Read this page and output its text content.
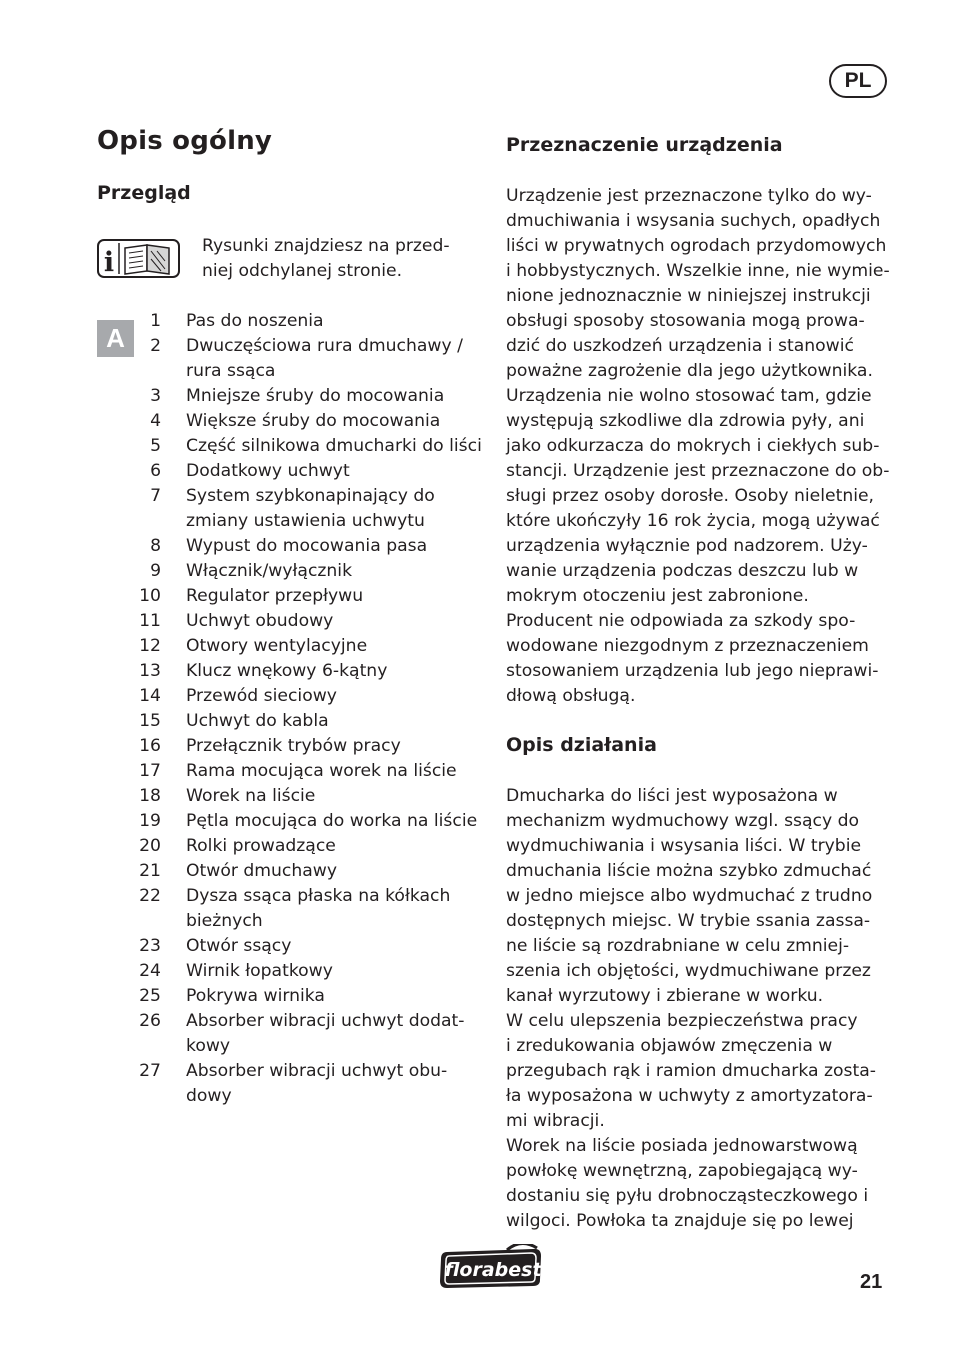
PL
Opis ogólny
Przegląd
i
Rysunki znajdziesz na przed-
niej odchylanej stronie.
A
1 Pas do noszenia
2 Dwuczęściowa rura dmuchawy / rura ssąca
3 Mniejsze śruby do mocowania
4 Większe śruby do mocowania
5 Część silnikowa dmucharki do liści
6 Dodatkowy uchwyt
7 System szybkonapinający do zmiany ustawienia uchwytu
8 Wypust do mocowania pasa
9 Włącznik/wyłącznik
10 Regulator przepływu
11 Uchwyt obudowy
12 Otwory wentylacyjne
13 Klucz wnękowy 6-kątny
14 Przewód sieciowy
15 Uchwyt do kabla
16 Przełącznik trybów pracy
17 Rama mocująca worek na liście
18 Worek na liście
19 Pętla mocująca do worka na liście
20 Rolki prowadzące
21 Otwór dmuchawy
22 Dysza ssąca płaska na kółkach bieżnych
23 Otwór ssący
24 Wirnik łopatkowy
25 Pokrywa wirnika
26 Absorber wibracji uchwyt dodat-kowy
27 Absorber wibracji uchwyt obu-dowy
Przeznaczenie urządzenia

Urządzenie jest przeznaczone tylko do wy-

dmuchiwania i wsysania suchych, opadłych

liści w prywatnych ogrodach przydomowych

i hobbystycznych. Wszelkie inne, nie wymie-

nione jednoznacznie w niniejszej instrukcji

obsługi sposoby stosowania mogą prowa-

dzić do uszkodzeń urządzenia i stanowić

poważne zagrożenie dla jego użytkownika.

Urządzenia nie wolno stosować tam, gdzie

występują szkodliwe dla zdrowia pyły, ani

jako odkurzacza do mokrych i ciekłych sub-

stancji. Urządzenie jest przeznaczone do ob-

sługi przez osoby dorosłe. Osoby nieletnie,

które ukończyły 16 rok życia, mogą używać

urządzenia wyłącznie pod nadzorem. Uży-

wanie urządzenia podczas deszczu lub w

mokrym otoczeniu jest zabronione.

Producent nie odpowiada za szkody spo-

wodowane niezgodnym z przeznaczeniem

stosowaniem urządzenia lub jego nieprawi-

dłową obsługą.

Opis działania

Dmucharka do liści jest wyposażona w

mechanizm wydmuchowy wzgl. ssący do

wydmuchiwania i wsysania liści. W trybie

dmuchania liście można szybko zdmuchać

w jedno miejsce albo wydmuchać z trudno

dostępnych miejsc. W trybie ssania zassa-

ne liście są rozdrabniane w celu zmniej-

szenia ich objętości, wydmuchiwane przez

kanał wyrzutowy i zbierane w worku.

W celu ulepszenia bezpieczeństwa pracy

i zredukowania objawów zmęczenia w

przegubach rąk i ramion dmucharka zosta-

ła wyposażona w uchwyty z amortyzatora-

mi wibracji.

Worek na liście posiada jednowarstwową

powłokę wewnętrzną, zapobiegającą wy-

dostaniu się pyłu drobnocząsteczkowego i

wilgoci. Powłoka ta znajduje się po lewej

florabest
21
